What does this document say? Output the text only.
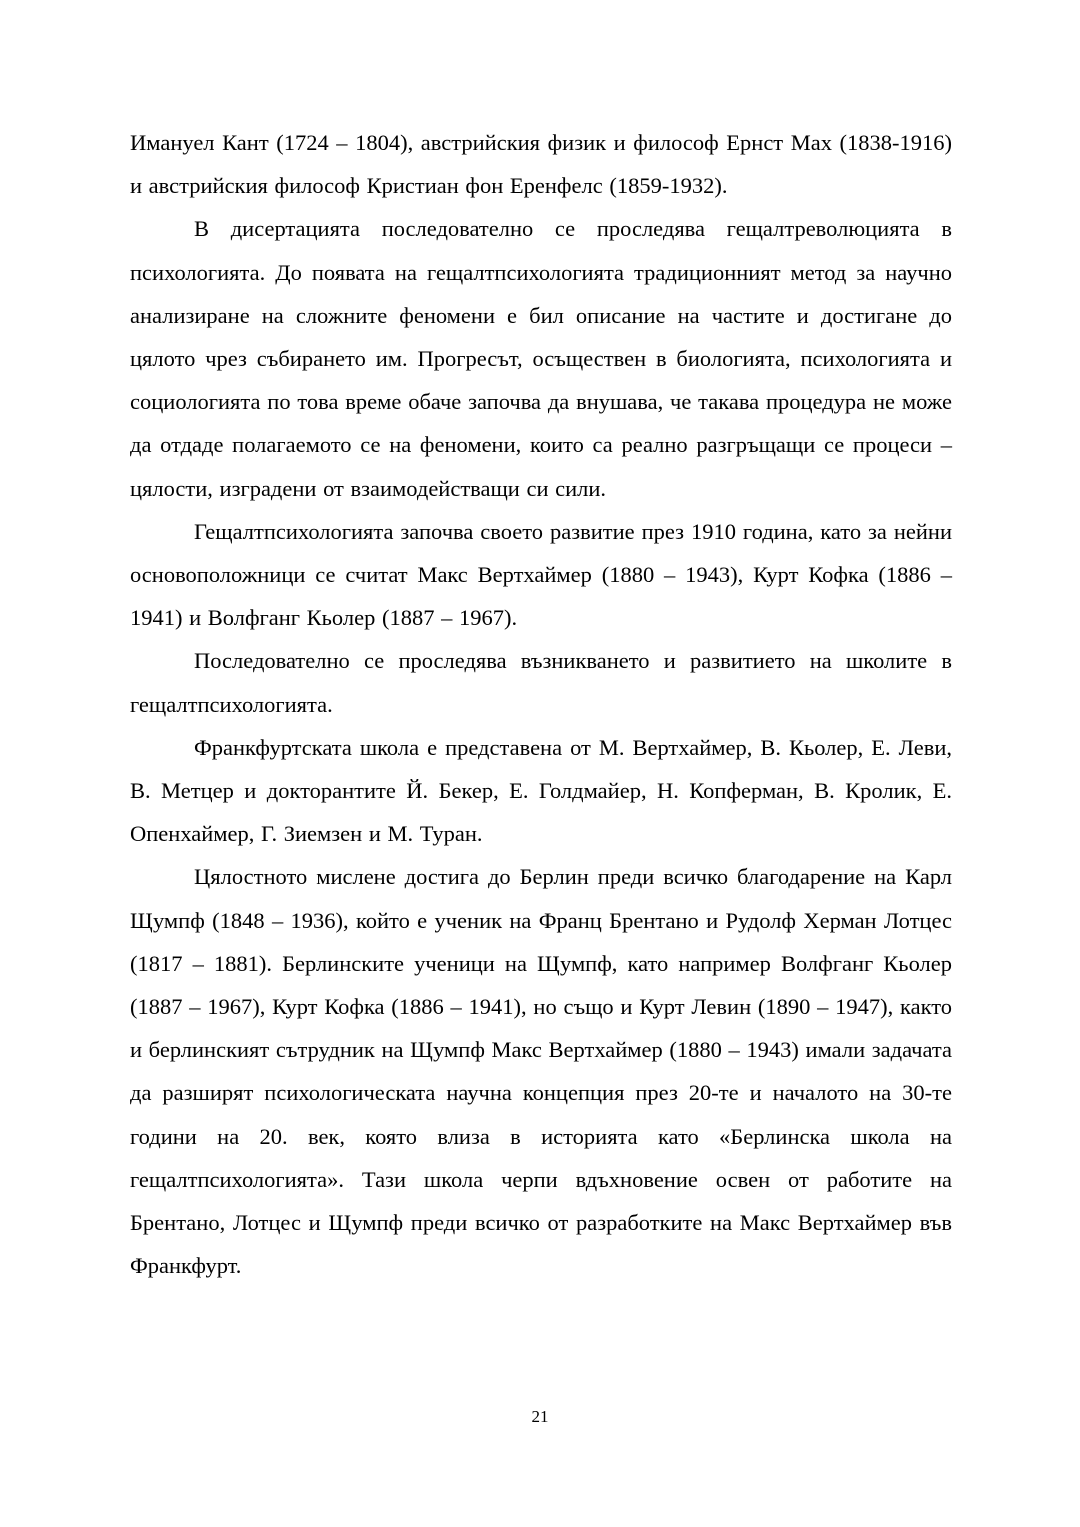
Имануел Кант (1724 – 1804), австрийския физик и философ Ернст Мах (1838-1916) и австрийския философ Кристиан фон Еренфелс (1859-1932).

В дисертацията последователно се проследява гещалтреволюцията в психологията. До появата на гещалтпсихологията традиционният метод за научно анализиране на сложните феномени е бил описание на частите и достигане до цялото чрез събирането им. Прогресът, осъществен в биологията, психологията и социологията по това време обаче започва да внушава, че такава процедура не може да отдаде полагаемото се на феномени, които са реално разгръщащи се процеси – цялости, изградени от взаимодействащи си сили.

Гещалтпсихологията започва своето развитие през 1910 година, като за нейни основоположници се считат Макс Вертхаймер (1880 – 1943), Курт Кофка (1886 – 1941) и Волфганг Кьолер (1887 – 1967).

Последователно се проследява възникването и развитието на школите в гещалтпсихологията.

Франкфуртската школа е представена от М. Вертхаймер, В. Кьолер, Е. Леви, В. Метцер и докторантите Й. Бекер, Е. Голдмайер, Н. Копферман, В. Кролик, Е. Опенхаймер, Г. Зиемзен и М. Туран.

Цялостното мислене достига до Берлин преди всичко благодарение на Карл Щумпф (1848 – 1936), който е ученик на Франц Брентано и Рудолф Херман Лотцес (1817 – 1881). Берлинските ученици на Щумпф, като например Волфганг Кьолер (1887 – 1967), Курт Кофка (1886 – 1941), но също и Курт Левин (1890 – 1947), както и берлинският сътрудник на Щумпф Макс Вертхаймер (1880 – 1943) имали задачата да разширят психологическата научна концепция през 20-те и началото на 30-те години на 20. век, която влиза в историята като «Берлинска школа на гещалтпсихологията». Тази школа черпи вдъхновение освен от работите на Брентано, Лотцес и Щумпф преди всичко от разработките на Макс Вертхаймер във Франкфурт.

21
